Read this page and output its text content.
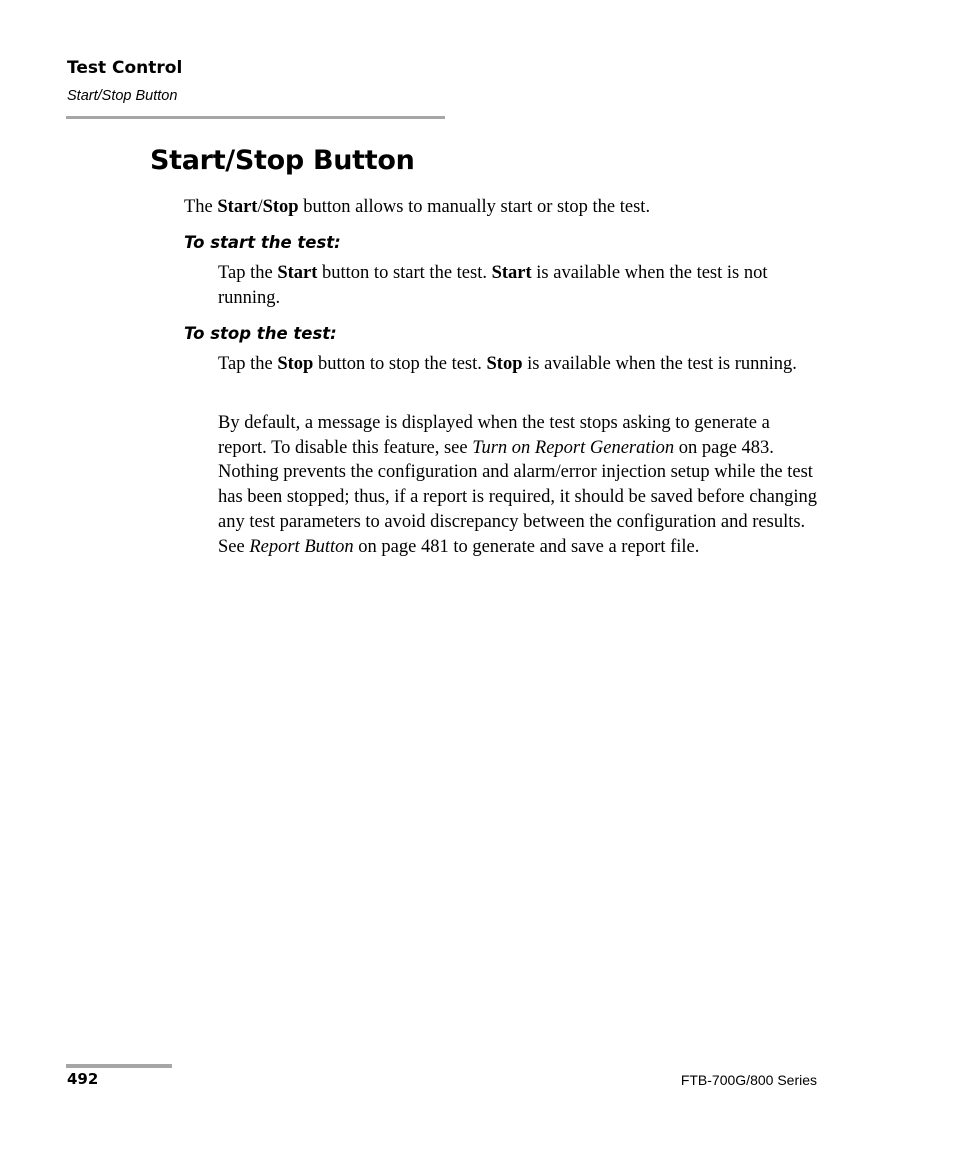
Test Control
Start/Stop Button
Start/Stop Button

The Start/Stop button allows to manually start or stop the test.

To start the test:

Tap the Start button to start the test. Start is available when the test is not running.

To stop the test:

Tap the Stop button to stop the test. Stop is available when the test is running.

By default, a message is displayed when the test stops asking to generate a report. To disable this feature, see Turn on Report Generation on page 483. Nothing prevents the configuration and alarm/error injection setup while the test has been stopped; thus, if a report is required, it should be saved before changing any test parameters to avoid discrepancy between the configuration and results. See Report Button on page 481 to generate and save a report file.

492	FTB-700G/800 Series
